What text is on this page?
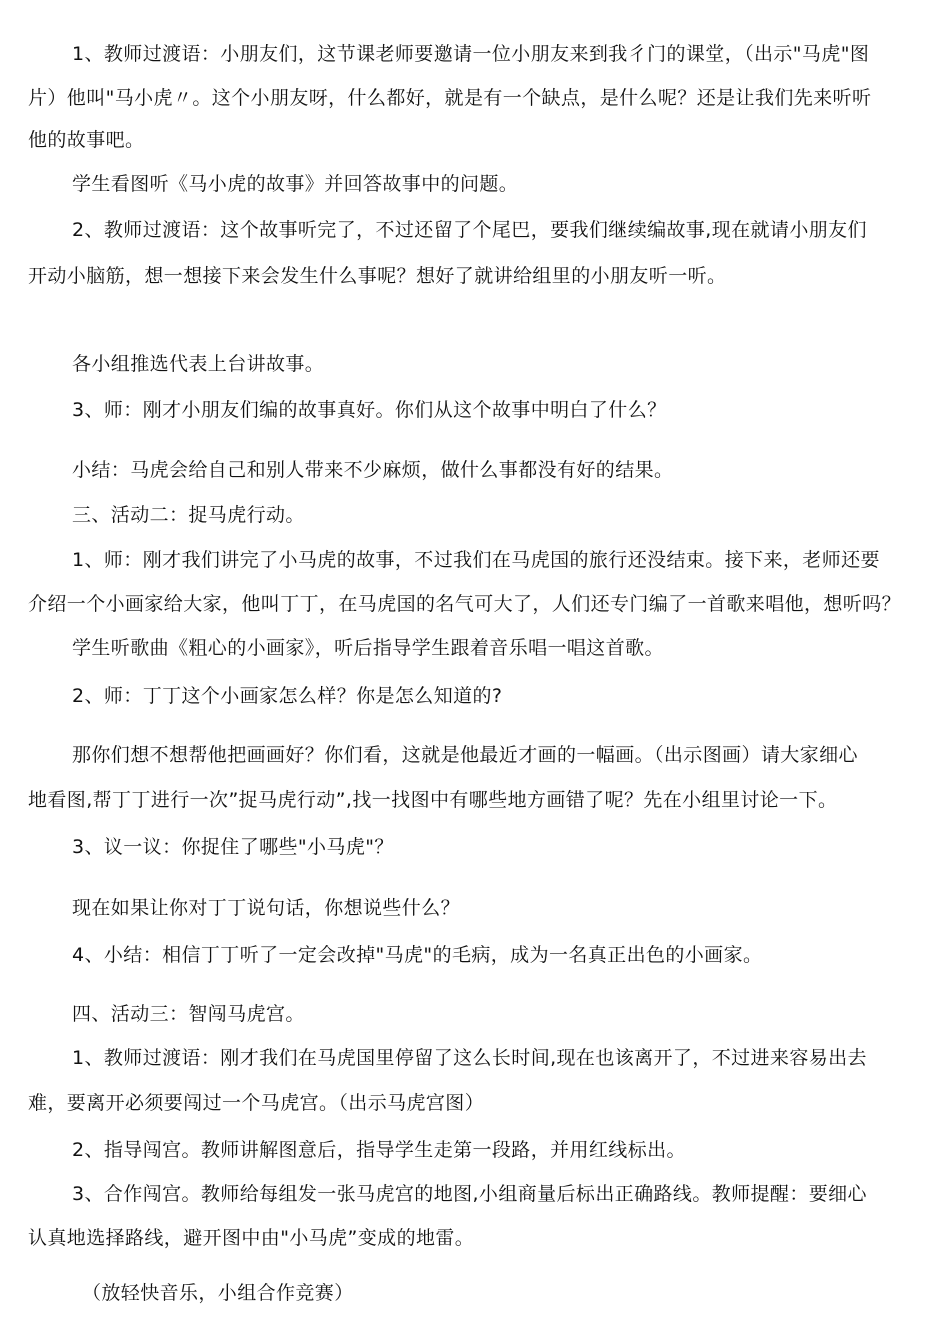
1、教师过渡语：小朋友们，这节课老师要邀请一位小朋友来到我彳门的课堂，（出示"马虎"图
片）他叫"马小虎〃。这个小朋友呀，什么都好，就是有一个缺点，是什么呢？还是让我们先来听听
他的故事吧。
学生看图听《马小虎的故事》并回答故事中的问题。
2、教师过渡语：这个故事听完了，不过还留了个尾巴，要我们继续编故事,现在就请小朋友们
开动小脑筋，想一想接下来会发生什么事呢？想好了就讲给组里的小朋友听一听。
各小组推选代表上台讲故事。
3、师：刚才小朋友们编的故事真好。你们从这个故事中明白了什么？
小结：马虎会给自己和别人带来不少麻烦，做什么事都没有好的结果。
三、活动二：捉马虎行动。
1、师：刚才我们讲完了小马虎的故事，不过我们在马虎国的旅行还没结束。接下来，老师还要
介绍一个小画家给大家，他叫丁丁，在马虎国的名气可大了，人们还专门编了一首歌来唱他，想听吗？
学生听歌曲《粗心的小画家》，听后指导学生跟着音乐唱一唱这首歌。
2、师：丁丁这个小画家怎么样？你是怎么知道的?
那你们想不想帮他把画画好？你们看，这就是他最近才画的一幅画。（出示图画）请大家细心
地看图,帮丁丁进行一次”捉马虎行动”,找一找图中有哪些地方画错了呢？先在小组里讨论一下。
3、议一议：你捉住了哪些"小马虎"？
现在如果让你对丁丁说句话，你想说些什么？
4、小结：相信丁丁听了一定会改掉"马虎"的毛病，成为一名真正出色的小画家。
四、活动三：智闯马虎宫。
1、教师过渡语：刚才我们在马虎国里停留了这么长时间,现在也该离开了，不过进来容易出去
难，要离开必须要闯过一个马虎宫。（出示马虎宫图）
2、指导闯宫。教师讲解图意后，指导学生走第一段路，并用红线标出。
3、合作闯宫。教师给每组发一张马虎宫的地图,小组商量后标出正确路线。教师提醒：要细心
认真地选择路线，避开图中由"小马虎”变成的地雷。
（放轻快音乐，小组合作竞赛）
